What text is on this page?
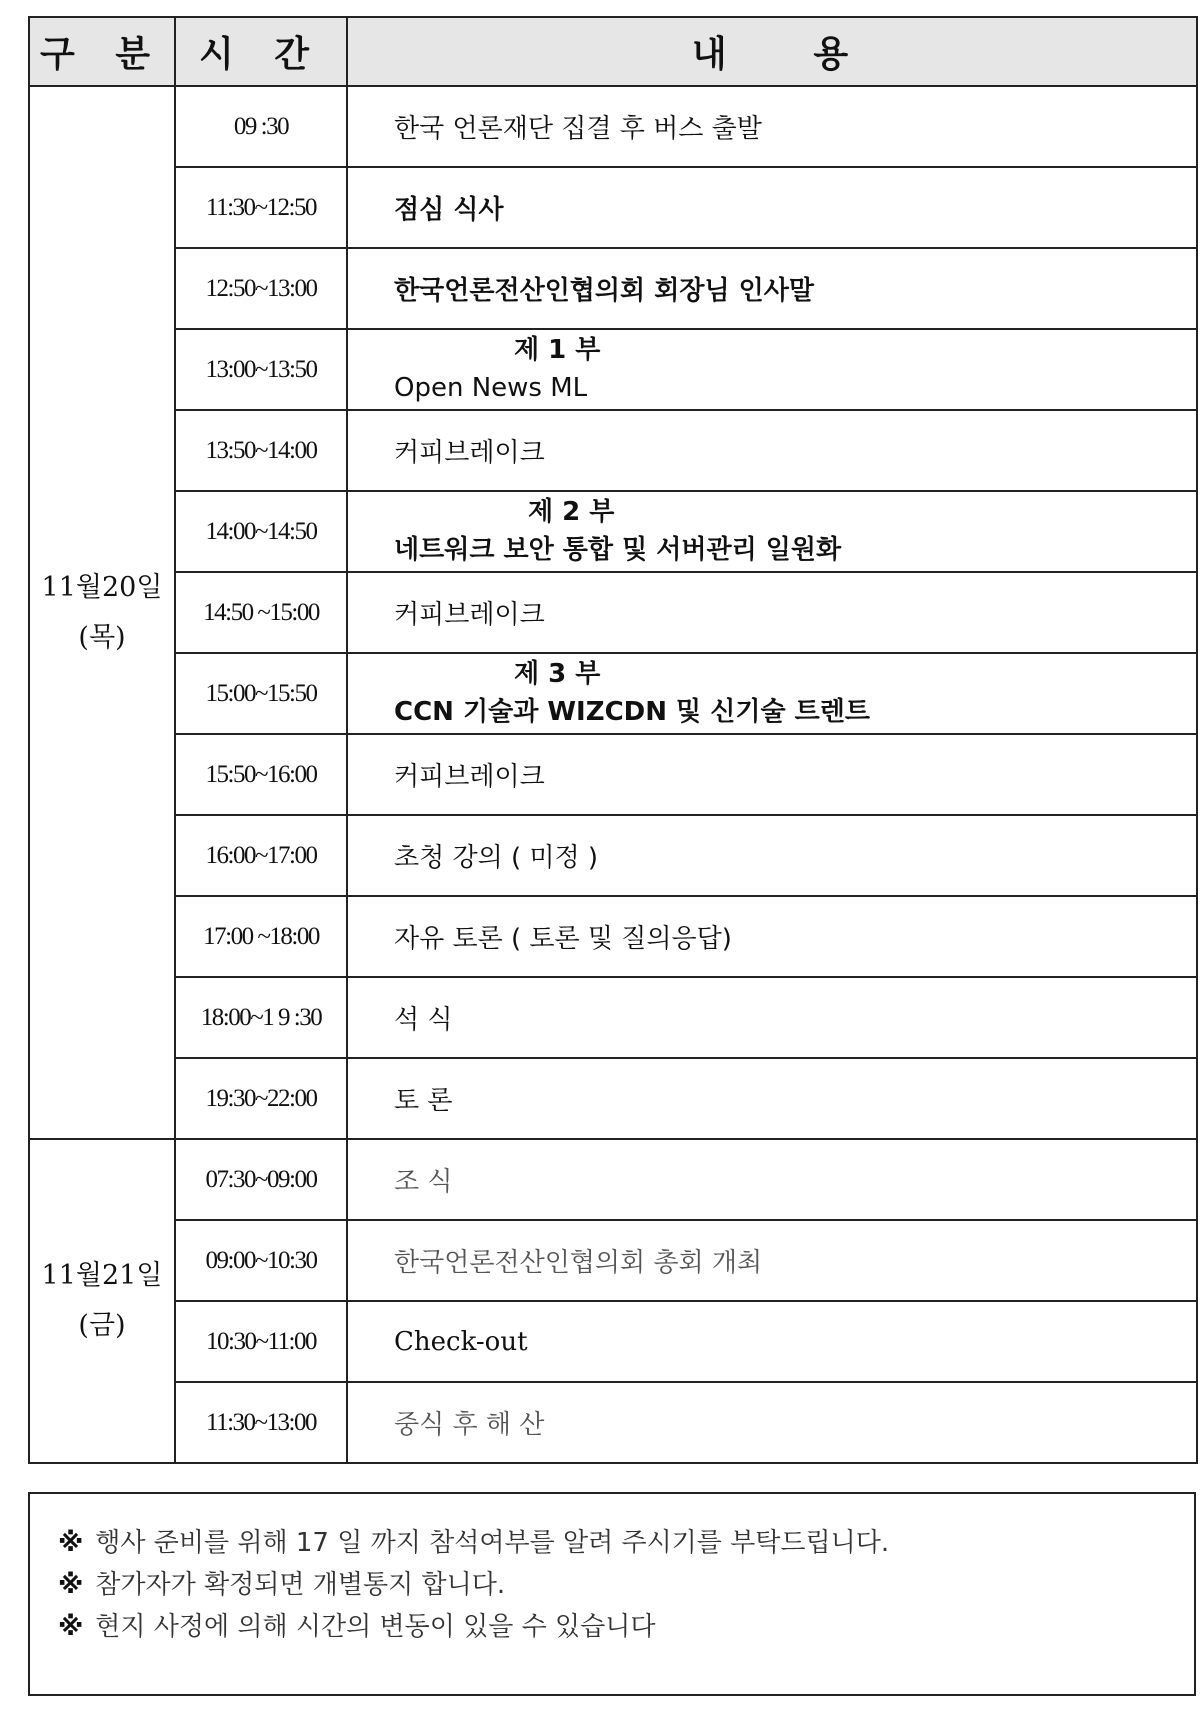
구 분	시 간	내     용

11월20일
(목)	09 :30	한국 언론재단 집결 후 버스 출발
	11:30~12:50	점심 식사
	12:50~13:00	한국언론전산인협의회 회장님 인사말
	13:00~13:50	제 1 부
Open News ML

	13:50~14:00	커피브레이크
	14:00~14:50	제 2 부
네트워크 보안 통합 및 서버관리 일원화

	14:50 ~15:00	커피브레이크
	15:00~15:50	제 3 부
CCN 기술과 WIZCDN 및 신기술 트렌트

	15:50~16:00	커피브레이크
	16:00~17:00	초청 강의 ( 미정 )
	17:00 ~18:00	자유 토론 ( 토론 및 질의응답)
	18:00~1 9 :30	석 식
	19:30~22:00	토 론

11월21일
(금)	07:30~09:00	조 식
	09:00~10:30	한국언론전산인협의회 총회 개최
	10:30~11:00	Check-out
	11:30~13:00	중식 후 해 산
※ 행사 준비를 위해 17 일 까지 참석여부를 알려 주시기를 부탁드립니다.
※ 참가자가 확정되면 개별통지 합니다.
※ 현지 사정에 의해 시간의 변동이 있을 수 있습니다
